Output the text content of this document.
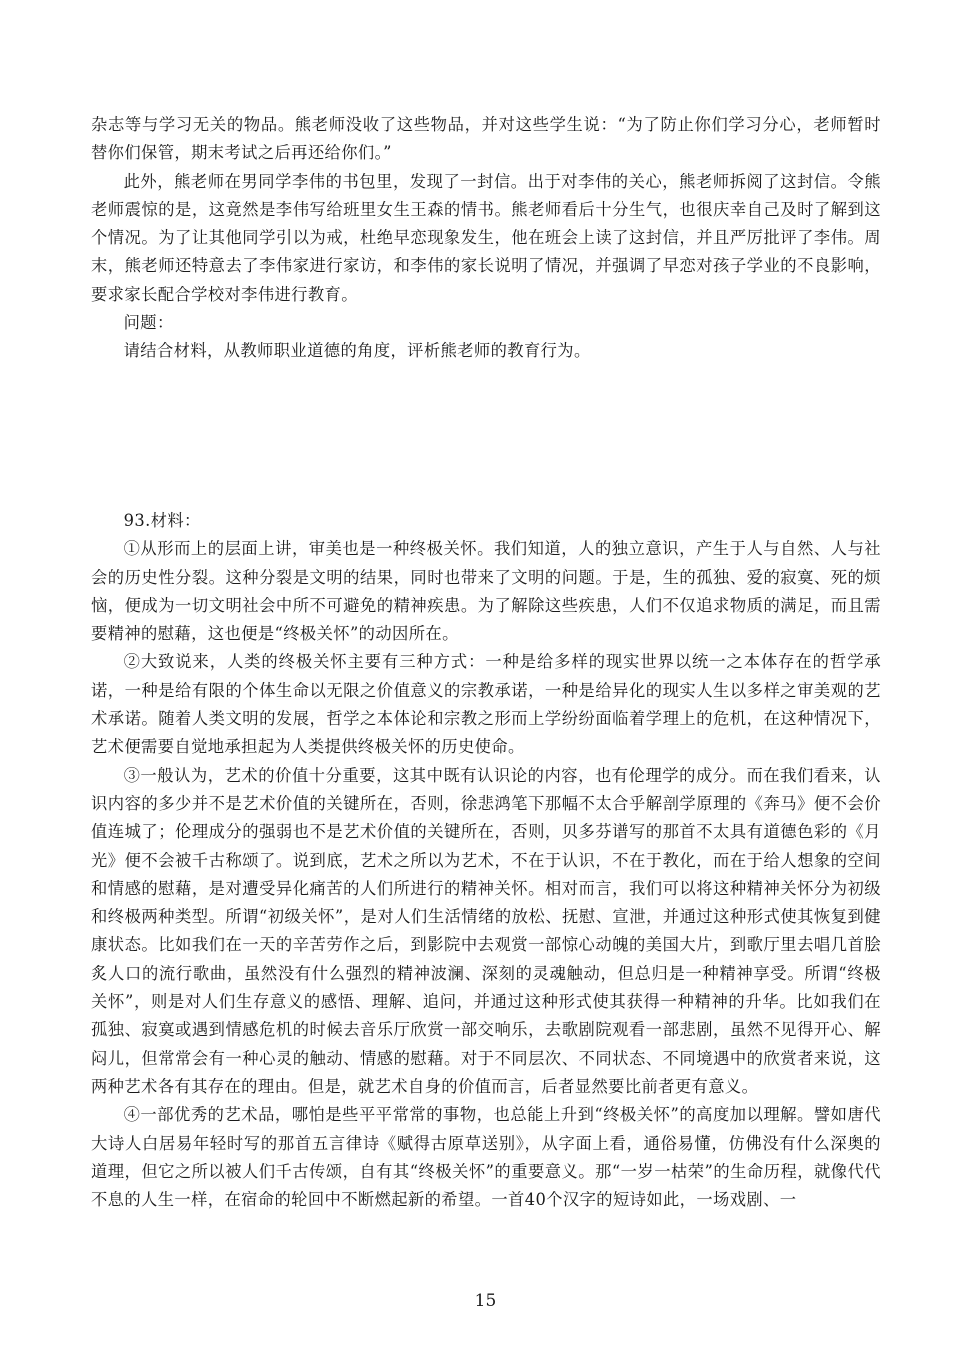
杂志等与学习无关的物品。熊老师没收了这些物品，并对这些学生说：“为了防止你们学习分心，老师暂时替你们保管，期末考试之后再还给你们。”

此外，熊老师在男同学李伟的书包里，发现了一封信。出于对李伟的关心，熊老师拆阅了这封信。令熊老师震惊的是，这竟然是李伟写给班里女生王森的情书。熊老师看后十分生气，也很庆幸自己及时了解到这个情况。为了让其他同学引以为戒，杜绝早恋现象发生，他在班会上读了这封信，并且严厉批评了李伟。周末，熊老师还特意去了李伟家进行家访，和李伟的家长说明了情况，并强调了早恋对孩子学业的不良影响，要求家长配合学校对李伟进行教育。

问题：

请结合材料，从教师职业道德的角度，评析熊老师的教育行为。

93.材料：

①从形而上的层面上讲，审美也是一种终极关怀。我们知道，人的独立意识，产生于人与自然、人与社会的历史性分裂。这种分裂是文明的结果，同时也带来了文明的问题。于是，生的孤独、爱的寂寞、死的烦恼，便成为一切文明社会中所不可避免的精神疾患。为了解除这些疾患，人们不仅追求物质的满足，而且需要精神的慰藉，这也便是“终极关怀”的动因所在。

②大致说来，人类的终极关怀主要有三种方式：一种是给多样的现实世界以统一之本体存在的哲学承诺，一种是给有限的个体生命以无限之价值意义的宗教承诺，一种是给异化的现实人生以多样之审美观的艺术承诺。随着人类文明的发展，哲学之本体论和宗教之形而上学纷纷面临着学理上的危机，在这种情况下，艺术便需要自觉地承担起为人类提供终极关怀的历史使命。

③一般认为，艺术的价值十分重要，这其中既有认识论的内容，也有伦理学的成分。而在我们看来，认识内容的多少并不是艺术价值的关键所在，否则，徐悲鸿笔下那幅不太合乎解剖学原理的《奔马》便不会价值连城了；伦理成分的强弱也不是艺术价值的关键所在，否则，贝多芬谱写的那首不太具有道德色彩的《月光》便不会被千古称颂了。说到底，艺术之所以为艺术，不在于认识，不在于教化，而在于给人想象的空间和情感的慰藉，是对遭受异化痛苦的人们所进行的精神关怀。相对而言，我们可以将这种精神关怀分为初级和终极两种类型。所谓“初级关怀”，是对人们生活情绪的放松、抚慰、宣泄，并通过这种形式使其恢复到健康状态。比如我们在一天的辛苦劳作之后，到影院中去观赏一部惊心动魄的美国大片，到歌厅里去唱几首脍炙人口的流行歌曲，虽然没有什么强烈的精神波澜、深刻的灵魂触动，但总归是一种精神享受。所谓“终极关怀”，则是对人们生存意义的感悟、理解、追问，并通过这种形式使其获得一种精神的升华。比如我们在孤独、寂寞或遇到情感危机的时候去音乐厅欣赏一部交响乐，去歌剧院观看一部悲剧，虽然不见得开心、解闷儿，但常常会有一种心灵的触动、情感的慰藉。对于不同层次、不同状态、不同境遇中的欣赏者来说，这两种艺术各有其存在的理由。但是，就艺术自身的价值而言，后者显然要比前者更有意义。

④一部优秀的艺术品，哪怕是些平平常常的事物，也总能上升到“终极关怀”的高度加以理解。譬如唐代大诗人白居易年轻时写的那首五言律诗《赋得古原草送别》，从字面上看，通俗易懂，仿佛没有什么深奥的道理，但它之所以被人们千古传颂，自有其“终极关怀”的重要意义。那“一岁一枯荣”的生命历程，就像代代不息的人生一样，在宿命的轮回中不断燃起新的希望。一首40个汉字的短诗如此，一场戏剧、一

15
